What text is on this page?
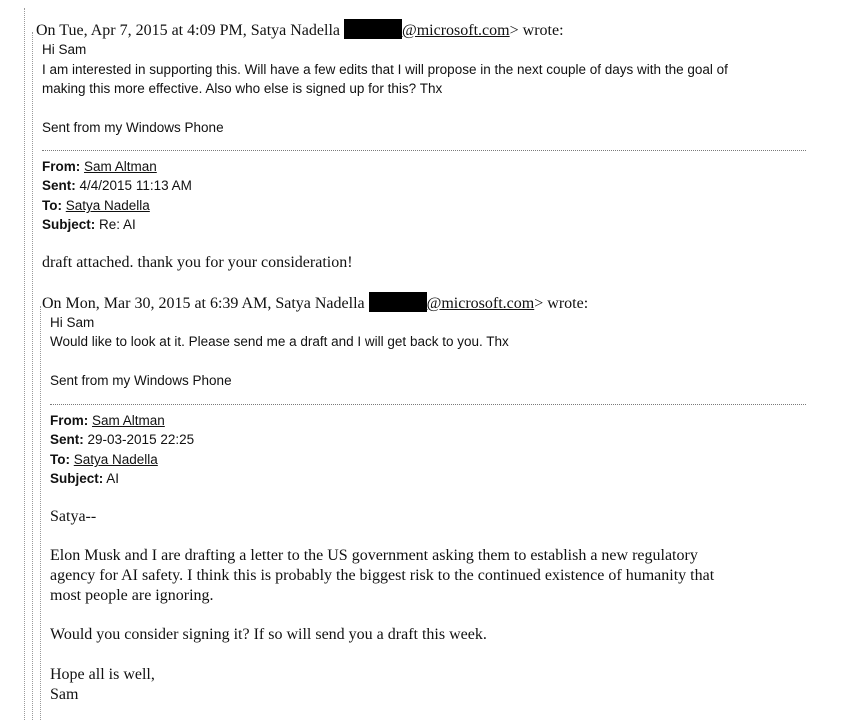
On Tue, Apr 7, 2015 at 4:09 PM, Satya Nadella	@microsoft.com> wrote:
Hi Sam
I am interested in supporting this. Will have a few edits that I will propose in the next couple of days with the goal of
making this more effective. Also who else is signed up for this? Thx
Sent from my Windows Phone
From: Sam Altman
Sent: 4/4/2015 11:13 AM
To: Satya Nadella
Subject: Re: AI
draft attached. thank you for your consideration!
On Mon, Mar 30, 2015 at 6:39 AM, Satya Nadella	@microsoft.com> wrote:
Hi Sam
Would like to look at it. Please send me a draft and I will get back to you. Thx
Sent from my Windows Phone
From: Sam Altman
Sent: 29-03-2015 22:25
To: Satya Nadella
Subject: AI
Satya--
Elon Musk and I are drafting a letter to the US government asking them to establish a new regulatory
agency for AI safety. I think this is probably the biggest risk to the continued existence of humanity that
most people are ignoring.
Would you consider signing it? If so will send you a draft this week.
Hope all is well,
Sam
